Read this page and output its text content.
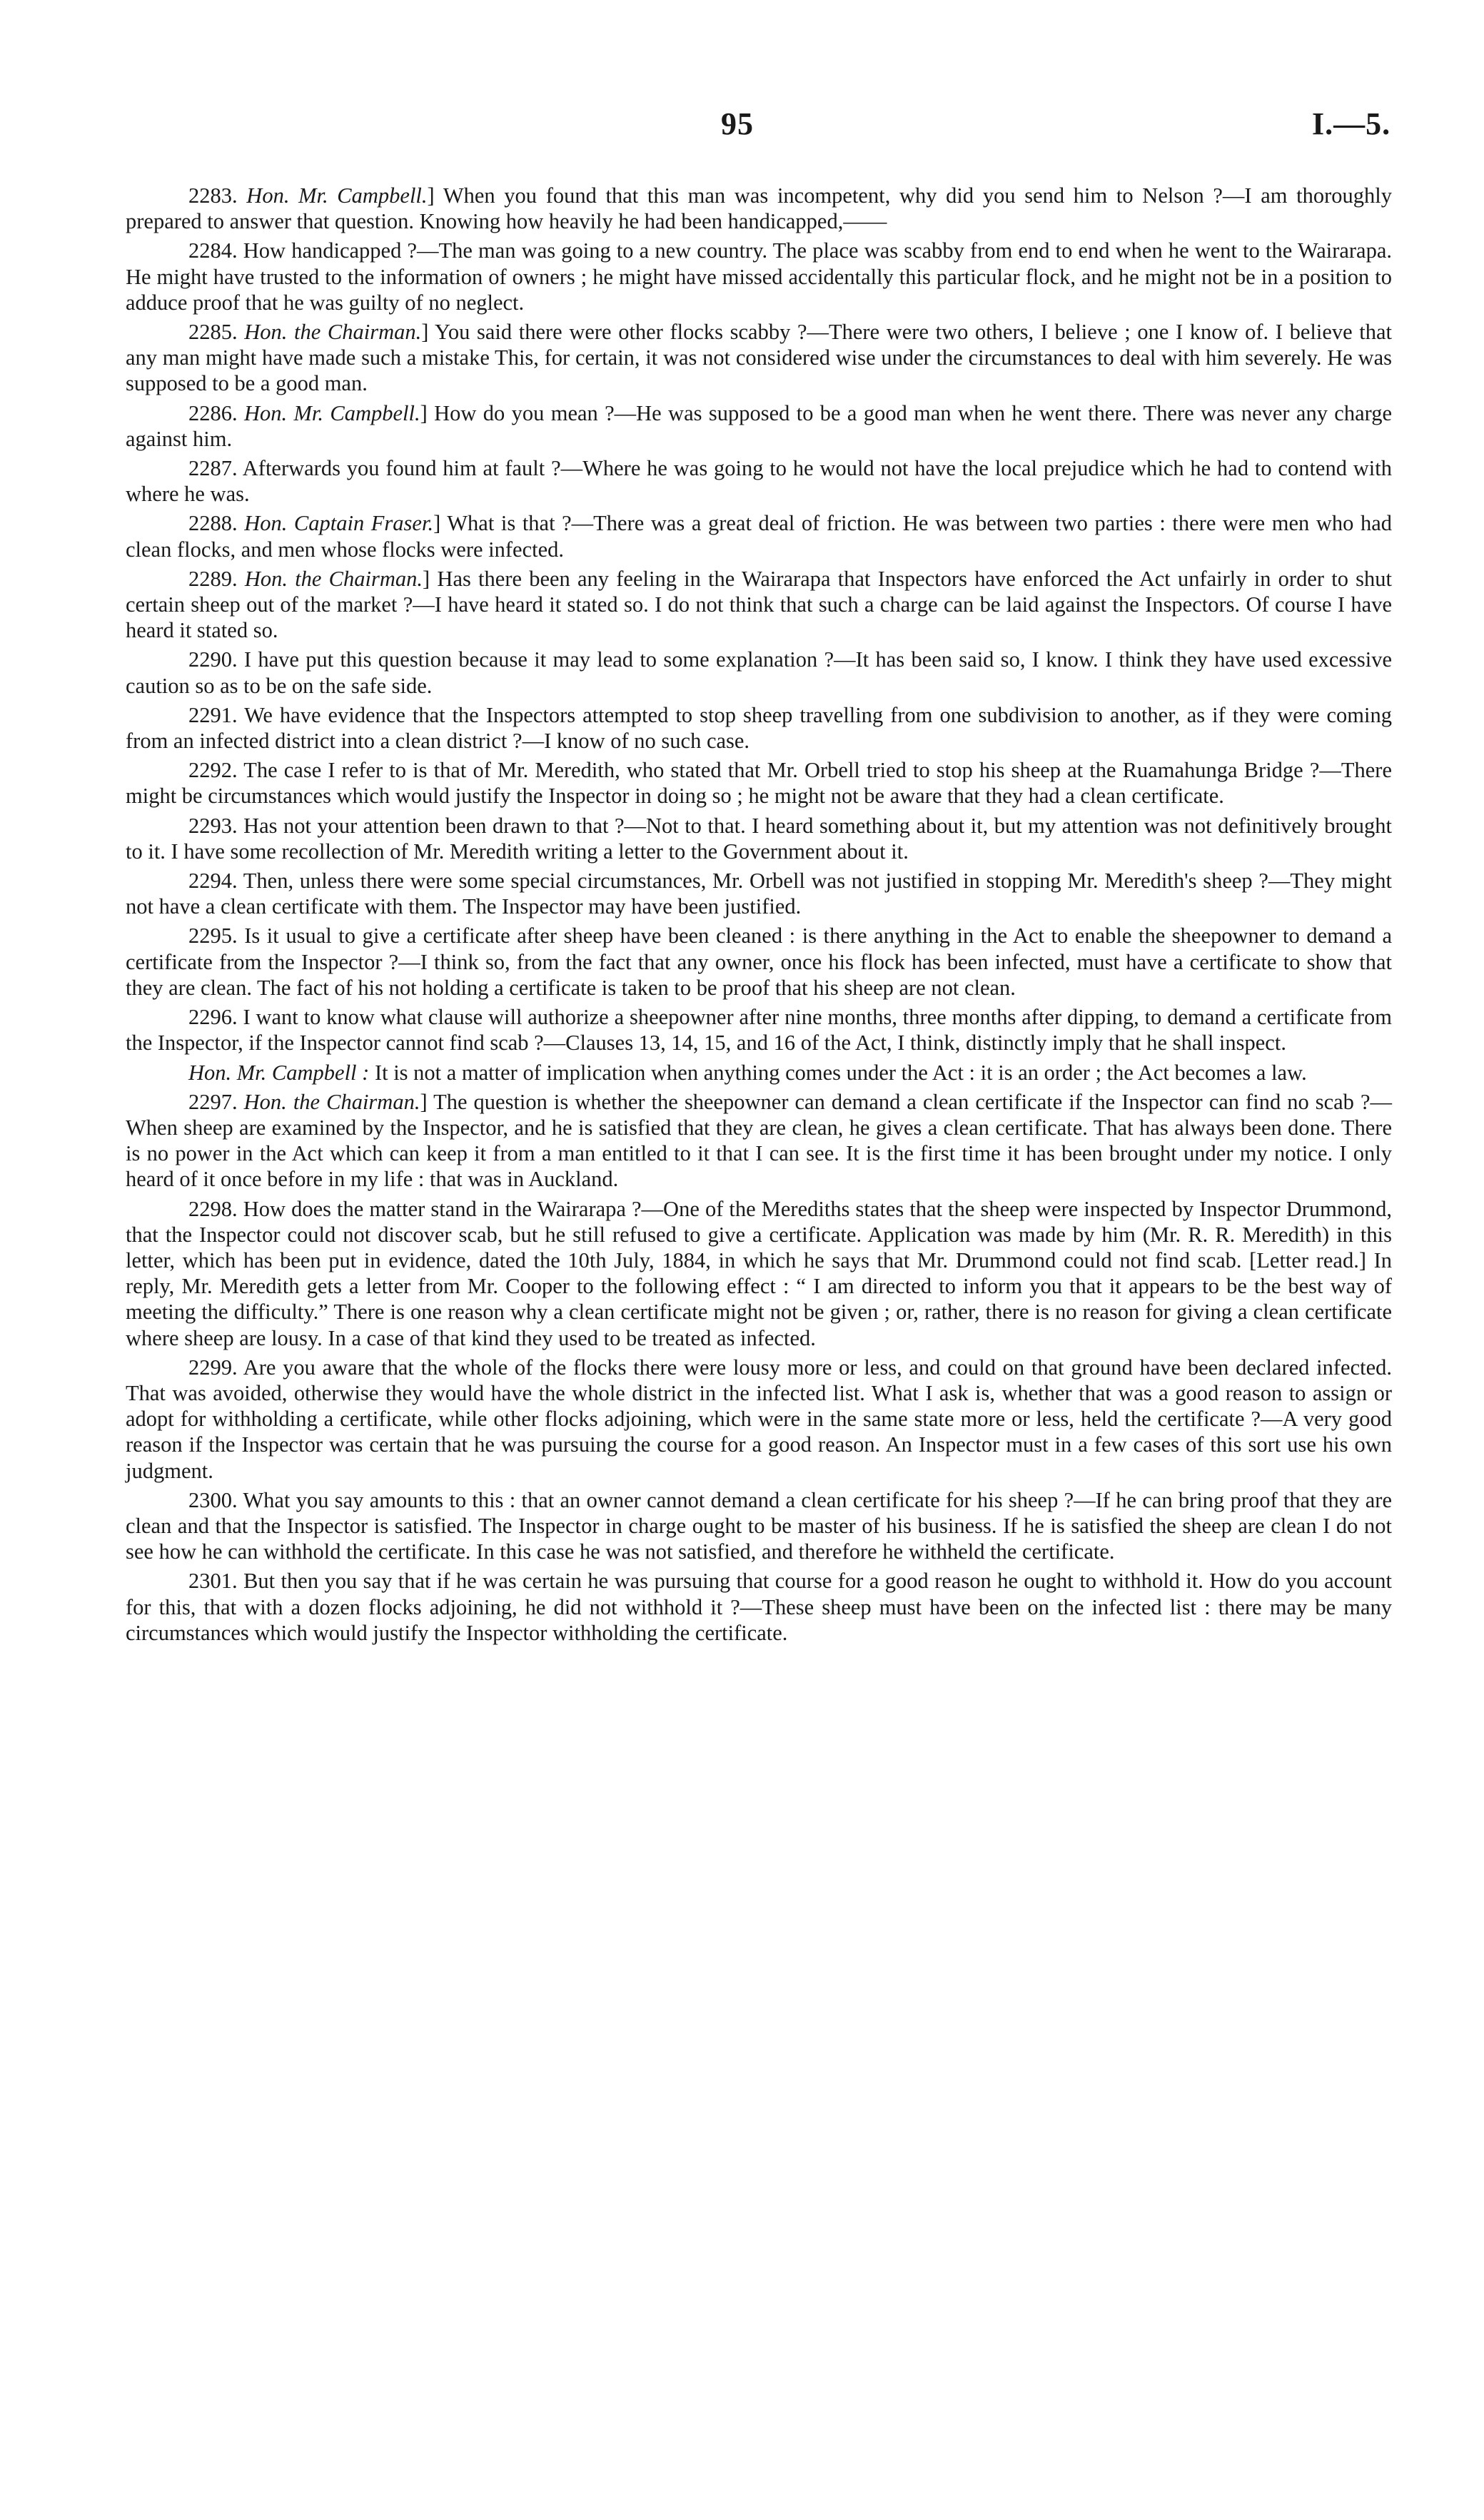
95	I.—5.

2283. Hon. Mr. Campbell.] When you found that this man was incompetent, why did you send him to Nelson ?—I am thoroughly prepared to answer that question. Knowing how heavily he had been handicapped,——

2284. How handicapped ?—The man was going to a new country. The place was scabby from end to end when he went to the Wairarapa. He might have trusted to the information of owners ; he might have missed accidentally this particular flock, and he might not be in a position to adduce proof that he was guilty of no neglect.

2285. Hon. the Chairman.] You said there were other flocks scabby ?—There were two others, I believe ; one I know of. I believe that any man might have made such a mistake This, for certain, it was not considered wise under the circumstances to deal with him severely. He was supposed to be a good man.

2286. Hon. Mr. Campbell.] How do you mean ?—He was supposed to be a good man when he went there. There was never any charge against him.

2287. Afterwards you found him at fault ?—Where he was going to he would not have the local prejudice which he had to contend with where he was.

2288. Hon. Captain Fraser.] What is that ?—There was a great deal of friction. He was between two parties : there were men who had clean flocks, and men whose flocks were infected.

2289. Hon. the Chairman.] Has there been any feeling in the Wairarapa that Inspectors have enforced the Act unfairly in order to shut certain sheep out of the market ?—I have heard it stated so. I do not think that such a charge can be laid against the Inspectors. Of course I have heard it stated so.

2290. I have put this question because it may lead to some explanation ?—It has been said so, I know. I think they have used excessive caution so as to be on the safe side.

2291. We have evidence that the Inspectors attempted to stop sheep travelling from one subdivision to another, as if they were coming from an infected district into a clean district ?—I know of no such case.

2292. The case I refer to is that of Mr. Meredith, who stated that Mr. Orbell tried to stop his sheep at the Ruamahunga Bridge ?—There might be circumstances which would justify the Inspector in doing so ; he might not be aware that they had a clean certificate.

2293. Has not your attention been drawn to that ?—Not to that. I heard something about it, but my attention was not definitively brought to it. I have some recollection of Mr. Meredith writing a letter to the Government about it.

2294. Then, unless there were some special circumstances, Mr. Orbell was not justified in stopping Mr. Meredith's sheep ?—They might not have a clean certificate with them. The Inspector may have been justified.

2295. Is it usual to give a certificate after sheep have been cleaned : is there anything in the Act to enable the sheepowner to demand a certificate from the Inspector ?—I think so, from the fact that any owner, once his flock has been infected, must have a certificate to show that they are clean. The fact of his not holding a certificate is taken to be proof that his sheep are not clean.

2296. I want to know what clause will authorize a sheepowner after nine months, three months after dipping, to demand a certificate from the Inspector, if the Inspector cannot find scab ?—Clauses 13, 14, 15, and 16 of the Act, I think, distinctly imply that he shall inspect.

Hon. Mr. Campbell : It is not a matter of implication when anything comes under the Act : it is an order ; the Act becomes a law.

2297. Hon. the Chairman.] The question is whether the sheepowner can demand a clean certificate if the Inspector can find no scab ?—When sheep are examined by the Inspector, and he is satisfied that they are clean, he gives a clean certificate. That has always been done. There is no power in the Act which can keep it from a man entitled to it that I can see. It is the first time it has been brought under my notice. I only heard of it once before in my life : that was in Auckland.

2298. How does the matter stand in the Wairarapa ?—One of the Merediths states that the sheep were inspected by Inspector Drummond, that the Inspector could not discover scab, but he still refused to give a certificate. Application was made by him (Mr. R. R. Meredith) in this letter, which has been put in evidence, dated the 10th July, 1884, in which he says that Mr. Drummond could not find scab. [Letter read.] In reply, Mr. Meredith gets a letter from Mr. Cooper to the following effect : “ I am directed to inform you that it appears to be the best way of meeting the difficulty.” There is one reason why a clean certificate might not be given ; or, rather, there is no reason for giving a clean certificate where sheep are lousy. In a case of that kind they used to be treated as infected.

2299. Are you aware that the whole of the flocks there were lousy more or less, and could on that ground have been declared infected. That was avoided, otherwise they would have the whole district in the infected list. What I ask is, whether that was a good reason to assign or adopt for withholding a certificate, while other flocks adjoining, which were in the same state more or less, held the certificate ?—A very good reason if the Inspector was certain that he was pursuing the course for a good reason. An Inspector must in a few cases of this sort use his own judgment.

2300. What you say amounts to this : that an owner cannot demand a clean certificate for his sheep ?—If he can bring proof that they are clean and that the Inspector is satisfied. The Inspector in charge ought to be master of his business. If he is satisfied the sheep are clean I do not see how he can withhold the certificate. In this case he was not satisfied, and therefore he withheld the certificate.

2301. But then you say that if he was certain he was pursuing that course for a good reason he ought to withhold it. How do you account for this, that with a dozen flocks adjoining, he did not withhold it ?—These sheep must have been on the infected list : there may be many circumstances which would justify the Inspector withholding the certificate.
